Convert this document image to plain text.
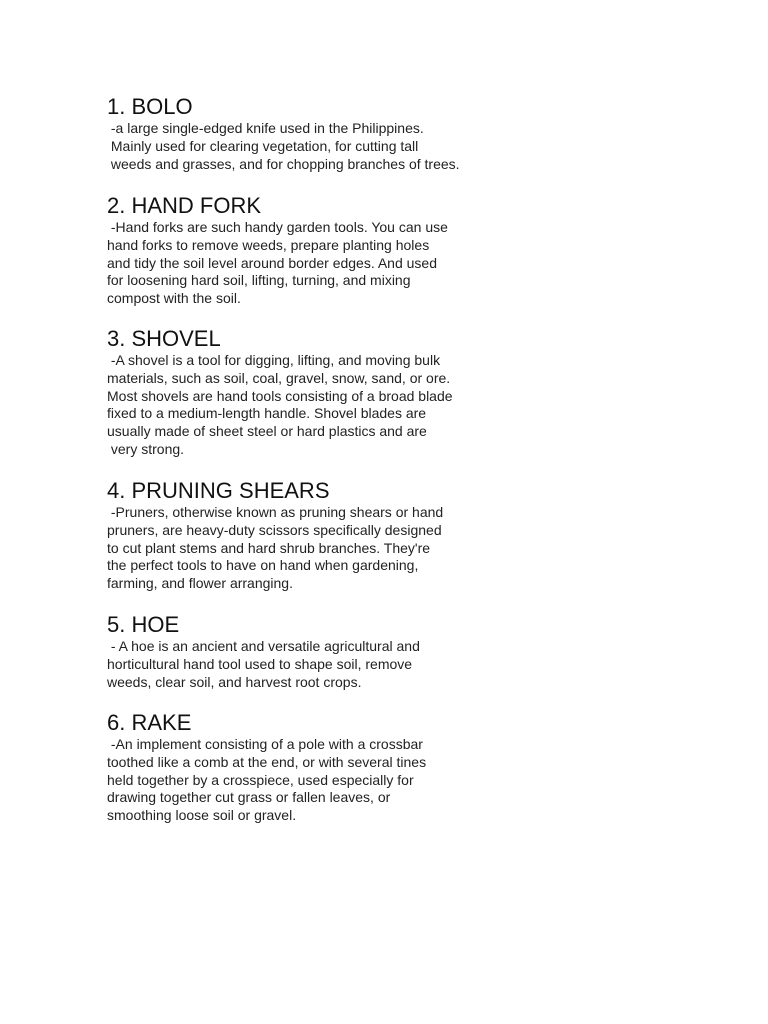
1. BOLO
-a large single-edged knife used in the Philippines.
Mainly used for clearing vegetation, for cutting tall
weeds and grasses, and for chopping branches of trees.
2. HAND FORK
-Hand forks are such handy garden tools. You can use
hand forks to remove weeds, prepare planting holes
and tidy the soil level around border edges. And used
for loosening hard soil, lifting, turning, and mixing
compost with the soil.
3. SHOVEL
-A shovel is a tool for digging, lifting, and moving bulk
materials, such as soil, coal, gravel, snow, sand, or ore.
Most shovels are hand tools consisting of a broad blade
fixed to a medium-length handle. Shovel blades are
usually made of sheet steel or hard plastics and are
very strong.
4. PRUNING SHEARS
-Pruners, otherwise known as pruning shears or hand
pruners, are heavy-duty scissors specifically designed
to cut plant stems and hard shrub branches. They're
the perfect tools to have on hand when gardening,
farming, and flower arranging.
5. HOE
- A hoe is an ancient and versatile agricultural and
horticultural hand tool used to shape soil, remove
weeds, clear soil, and harvest root crops.
6. RAKE
-An implement consisting of a pole with a crossbar
toothed like a comb at the end, or with several tines
held together by a crosspiece, used especially for
drawing together cut grass or fallen leaves, or
smoothing loose soil or gravel.
